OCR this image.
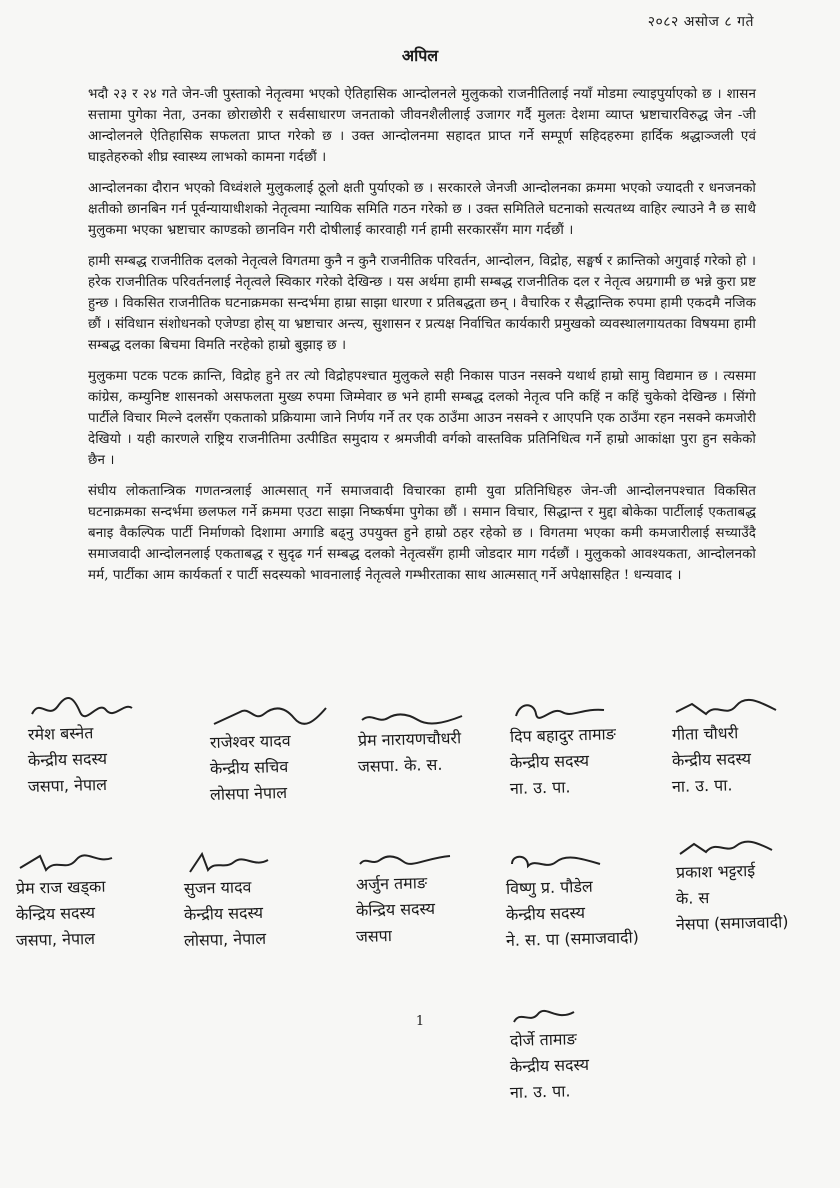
२०८२ असोज ८ गते
अपिल

भदौ २३ र २४ गते जेन-जी पुस्ताको नेतृत्वमा भएको ऐतिहासिक आन्दोलनले मुलुकको राजनीतिलाई नयाँ मोडमा ल्याइपुर्याएको छ । शासन सत्तामा पुगेका नेता, उनका छोराछोरी र सर्वसाधारण जनताको जीवनशैलीलाई उजागर गर्दै मुलतः देशमा व्याप्त भ्रष्टाचारविरुद्ध जेन -जी आन्दोलनले ऐतिहासिक सफलता प्राप्त गरेको छ । उक्त आन्दोलनमा सहादत प्राप्त गर्ने सम्पूर्ण सहिदहरुमा हार्दिक श्रद्धाञ्जली एवं घाइतेहरुको शीघ्र स्वास्थ्य लाभको कामना गर्दछौं ।

आन्दोलनका दौरान भएको विध्वंशले मुलुकलाई ठूलो क्षती पुर्याएको छ । सरकारले जेनजी आन्दोलनका क्रममा भएको ज्यादती र धनजनको क्षतीको छानबिन गर्न पूर्वन्यायाधीशको नेतृत्वमा न्यायिक समिति गठन गरेको छ । उक्त समितिले घटनाको सत्यतथ्य वाहिर ल्याउने नै छ साथै मुलुकमा भएका भ्रष्टाचार काण्डको छानविन गरी दोषीलाई कारवाही गर्न हामी सरकारसँग माग गर्दछौं ।

हामी सम्बद्ध राजनीतिक दलको नेतृत्वले विगतमा कुनै न कुनै राजनीतिक परिवर्तन, आन्दोलन, विद्रोह, सङ्घर्ष र क्रान्तिको अगुवाई गरेको हो । हरेक राजनीतिक परिवर्तनलाई नेतृत्वले स्विकार गरेको देखिन्छ । यस अर्थमा हामी सम्बद्ध राजनीतिक दल र नेतृत्व अग्रगामी छ भन्ने कुरा प्रष्ट हुन्छ । विकसित राजनीतिक घटनाक्रमका सन्दर्भमा हाम्रा साझा धारणा र प्रतिबद्धता छन् । वैचारिक र सैद्धान्तिक रुपमा हामी एकदमै नजिक छौं । संविधान संशोधनको एजेण्डा होस् या भ्रष्टाचार अन्त्य, सुशासन र प्रत्यक्ष निर्वाचित कार्यकारी प्रमुखको व्यवस्थालगायतका विषयमा हामी सम्बद्ध दलका बिचमा विमति नरहेको हाम्रो बुझाइ छ ।

मुलुकमा पटक पटक क्रान्ति, विद्रोह हुने तर त्यो विद्रोहपश्चात मुलुकले सही निकास पाउन नसक्ने यथार्थ हाम्रो सामु विद्यमान छ । त्यसमा कांग्रेस, कम्युनिष्ट शासनको असफलता मुख्य रुपमा जिम्मेवार छ भने हामी सम्बद्ध दलको नेतृत्व पनि कहिं न कहिं चुकेको देखिन्छ । सिंगो पार्टीले विचार मिल्ने दलसँग एकताको प्रक्रियामा जाने निर्णय गर्ने तर एक ठाउँमा आउन नसक्ने र आएपनि एक ठाउँमा रहन नसक्ने कमजोरी देखियो । यही कारणले राष्ट्रिय राजनीतिमा उत्पीडित समुदाय र श्रमजीवी वर्गको वास्तविक प्रतिनिधित्व गर्ने हाम्रो आकांक्षा पुरा हुन सकेको छैन ।

संघीय लोकतान्त्रिक गणतन्त्रलाई आत्मसात् गर्ने समाजवादी विचारका हामी युवा प्रतिनिधिहरु जेन-जी आन्दोलनपश्चात विकसित घटनाक्रमका सन्दर्भमा छलफल गर्ने क्रममा एउटा साझा निष्कर्षमा पुगेका छौं । समान विचार, सिद्धान्त र मुद्दा बोकेका पार्टीलाई एकताबद्ध बनाइ वैकल्पिक पार्टी निर्माणको दिशामा अगाडि बढ्नु उपयुक्त हुने हाम्रो ठहर रहेको छ । विगतमा भएका कमी कमजारीलाई सच्याउँदै समाजवादी आन्दोलनलाई एकताबद्ध र सुदृढ गर्न सम्बद्ध दलको नेतृत्वसँग हामी जोडदार माग गर्दछौं । मुलुकको आवश्यकता, आन्दोलनको मर्म, पार्टीका आम कार्यकर्ता र पार्टी सदस्यको भावनालाई नेतृत्वले गम्भीरताका साथ आत्मसात् गर्ने अपेक्षासहित ! धन्यवाद ।

रमेश बस्नेत
केन्द्रीय सदस्य
जसपा, नेपाल
राजेश्वर यादव
केन्द्रीय सचिव
लोसपा नेपाल
प्रेम नारायणचौधरी
जसपा. के. स.
दिप बहादुर तामाङ
केन्द्रीय सदस्य
ना. उ. पा.
गीता चौधरी
केन्द्रीय सदस्य
ना. उ. पा.
प्रेम राज खड्का
केन्द्रिय सदस्य
जसपा, नेपाल
सुजन यादव
केन्द्रीय सदस्य
लोसपा, नेपाल
अर्जुन तमाङ
केन्द्रिय सदस्य
जसपा
विष्णु प्र. पौडेल
केन्द्रीय सदस्य
ने. स. पा (समाजवादी)
प्रकाश भट्टराई
के. स
नेसपा (समाजवादी)
दोर्जे तामाङ
केन्द्रीय सदस्य
ना. उ. पा.
1
